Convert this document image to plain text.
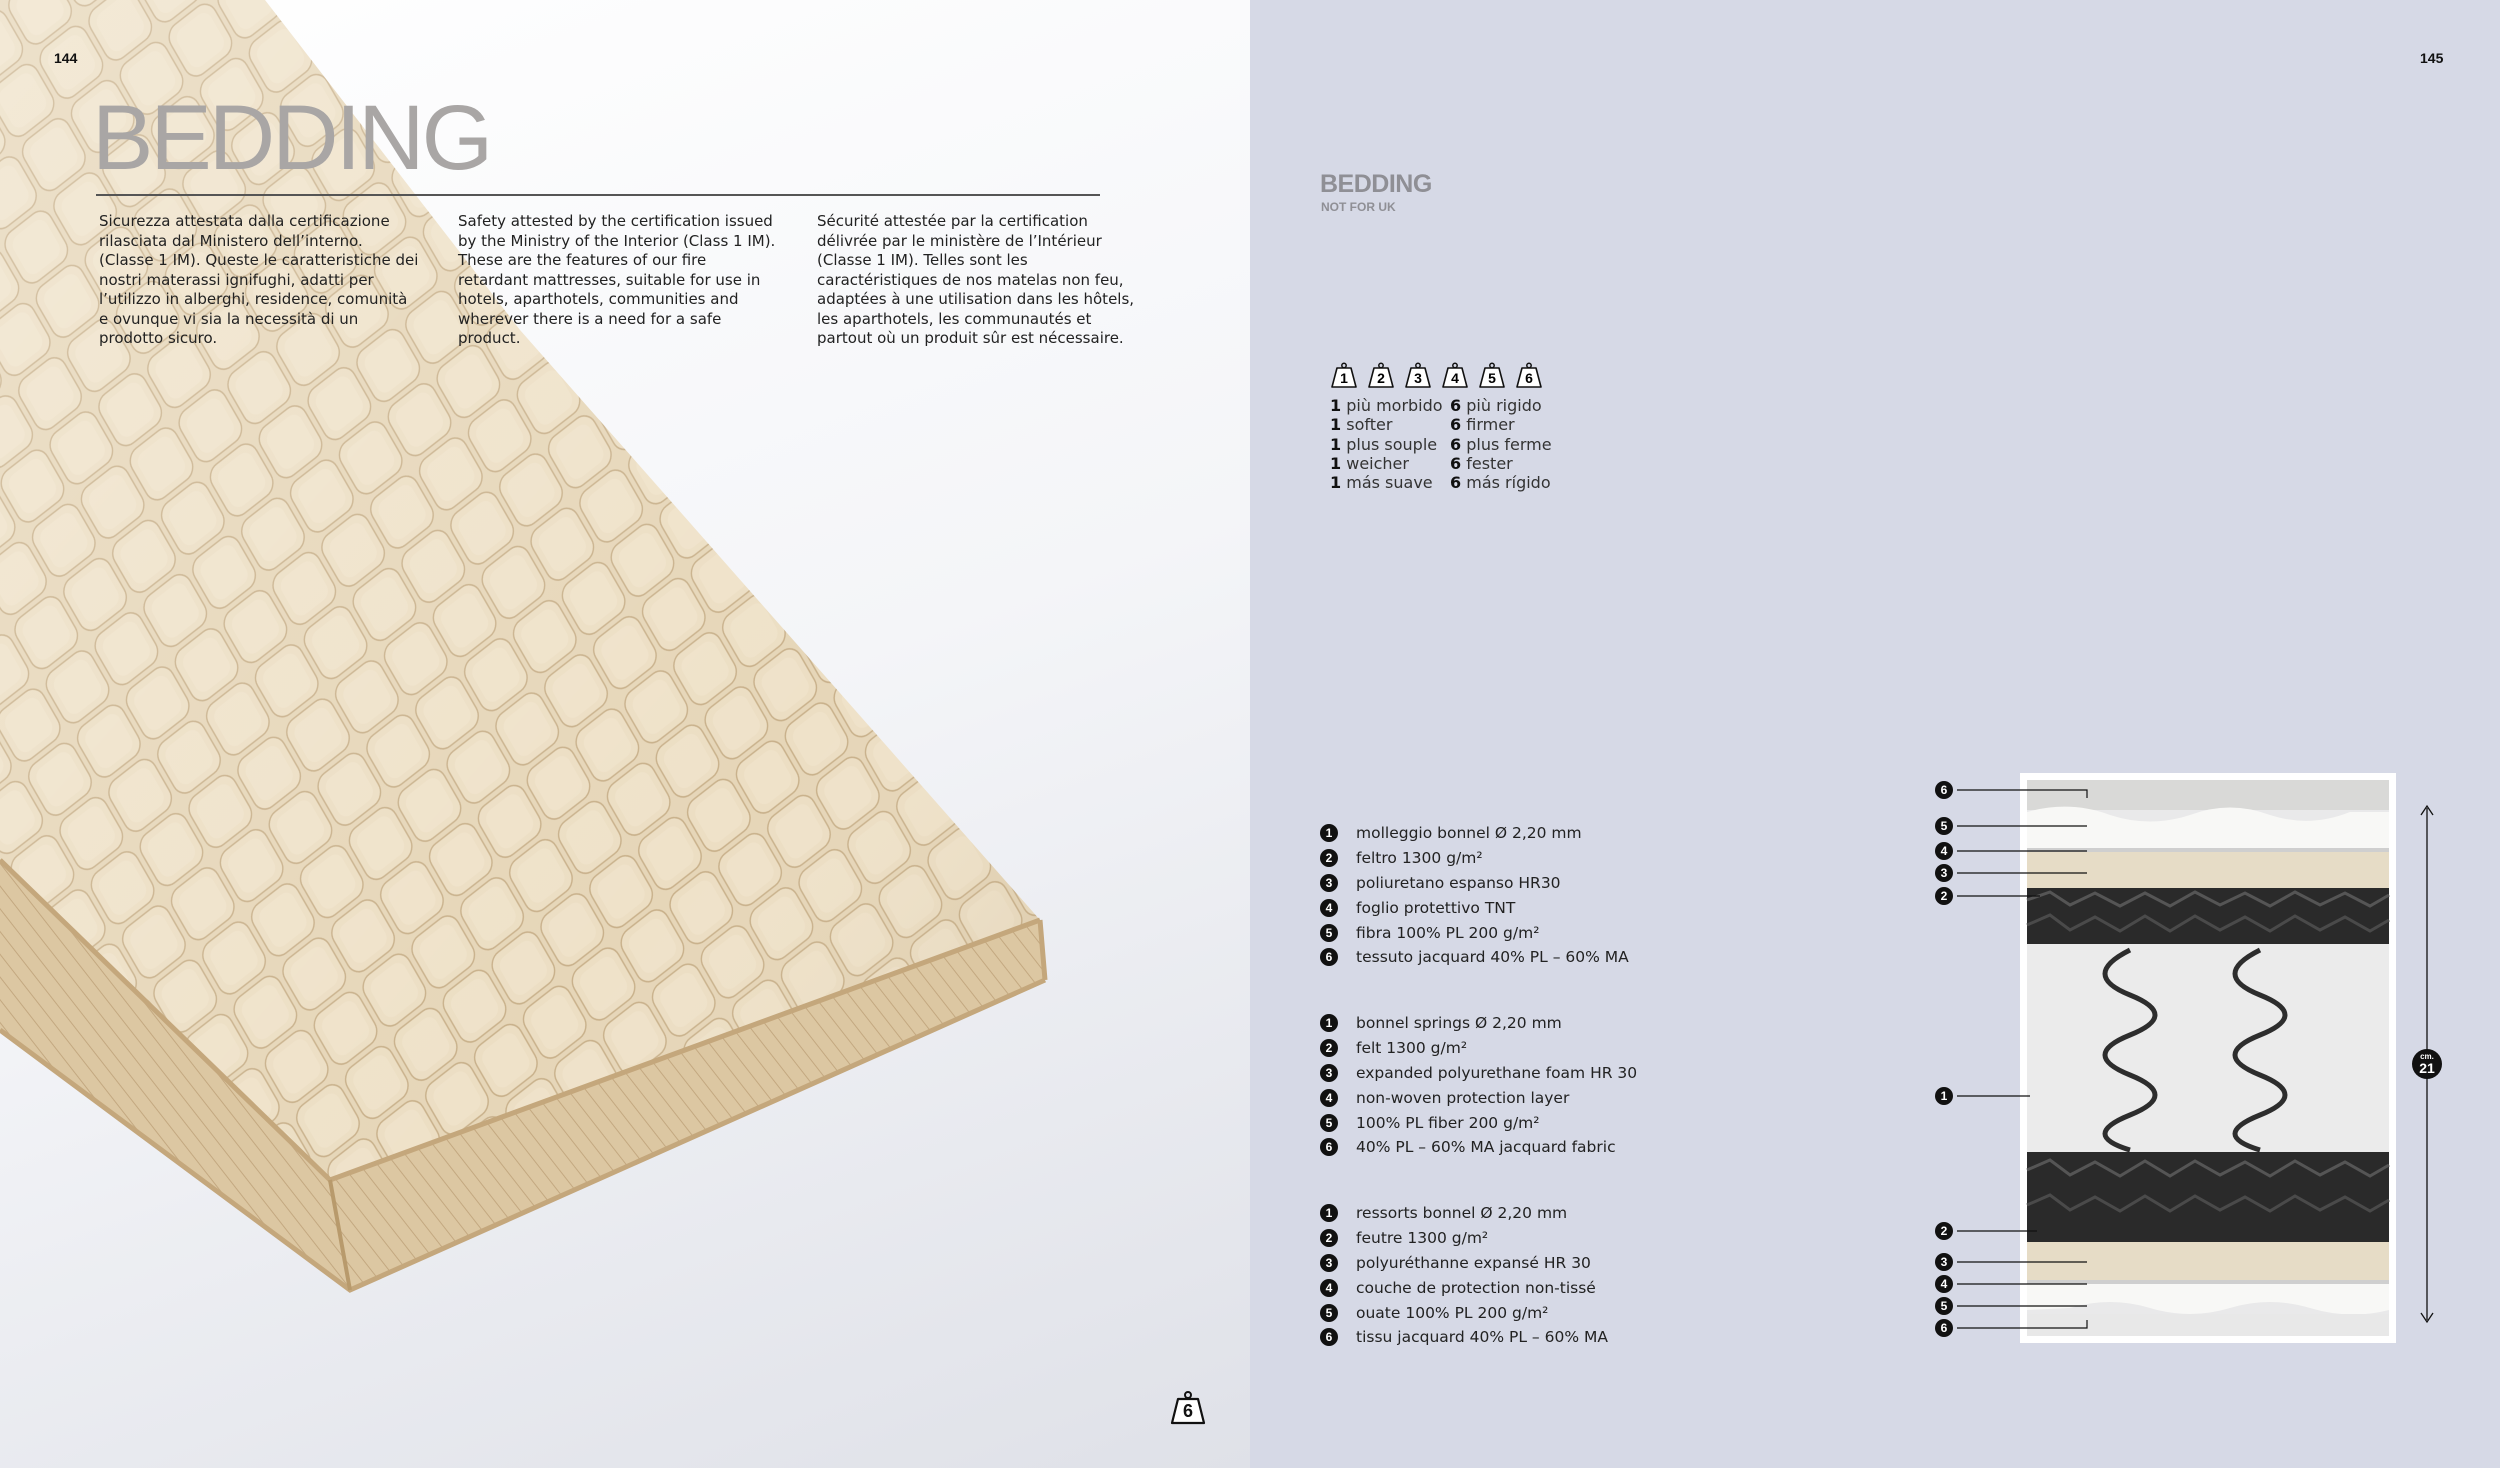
144
BEDDING
Sicurezza attestata dalla certificazione rilasciata dal Ministero dell’interno. (Classe 1 IM). Queste le caratteristiche dei nostri materassi ignifughi, adatti per l’utilizzo in alberghi, residence, comunità e ovunque vi sia la necessità di un prodotto sicuro.
Safety attested by the certification issued by the Ministry of the Interior (Class 1 IM). These are the features of our fire retardant mattresses, suitable for use in hotels, aparthotels, communities and wherever there is a need for a safe product.
Sécurité attestée par la certification délivrée par le ministère de l’Intérieur (Classe 1 IM). Telles sont les caractéristiques de nos matelas non feu, adaptées à une utilisation dans les hôtels, les aparthotels, les communautés et partout où un produit sûr est nécessaire.
6
145
BEDDING
NOT FOR UK
1	2	3	4	5	6
1 più morbido 6 più rigido
1 softer	6 firmer
1 plus souple 6 plus ferme
1 weicher	6 fester
1 más suave	6 más rígido
1	molleggio bonnel Ø 2,20 mm
2	feltro 1300 g/m²
3	poliuretano espanso HR30
4	foglio protettivo TNT
5	fibra 100% PL 200 g/m²
6	tessuto jacquard 40% PL – 60% MA
1	bonnel springs Ø 2,20 mm
2	felt 1300 g/m²
3	expanded polyurethane foam HR 30
4	non-woven protection layer
5	100% PL fiber 200 g/m²
6	40% PL – 60% MA jacquard fabric
1	ressorts bonnel Ø 2,20 mm
2	feutre 1300 g/m²
3	polyuréthanne expansé HR 30
4	couche de protection non-tissé
5	ouate 100% PL 200 g/m²
6	tissu jacquard 40% PL – 60% MA
6
5
4
3
2
1
2
3
4
5
6
cm.
21
